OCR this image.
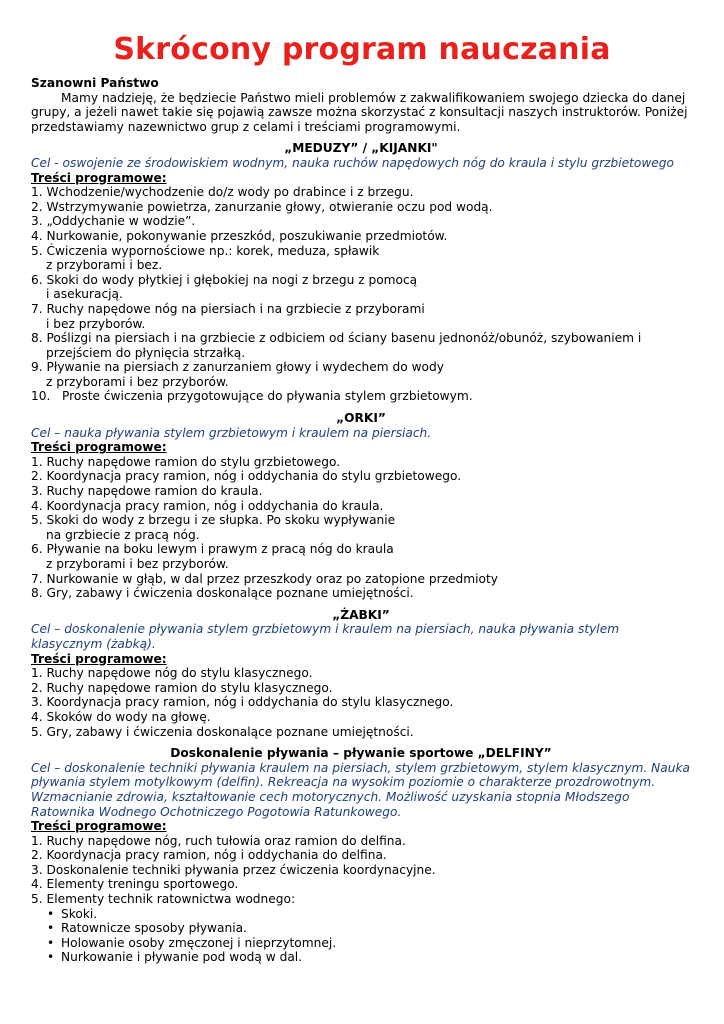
Skrócony program nauczania
Szanowni Państwo
Mamy nadzieję, że będziecie Państwo mieli problemów z zakwalifikowaniem swojego dziecka do danej grupy, a jeżeli nawet takie się pojawią zawsze można skorzystać z konsultacji naszych instruktorów. Poniżej przedstawiamy nazewnictwo grup z celami i treściami programowymi.
„MEDUZY” / „KIJANKI"
Cel - oswojenie ze środowiskiem wodnym, nauka ruchów napędowych nóg do kraula i stylu grzbietowego
Treści programowe:
1. Wchodzenie/wychodzenie do/z wody po drabince i z brzegu.
2. Wstrzymywanie powietrza, zanurzanie głowy, otwieranie oczu pod wodą.
3. „Oddychanie w wodzie”.
4. Nurkowanie, pokonywanie przeszkód, poszukiwanie przedmiotów.
5. Ćwiczenia wypornościowe np.: korek, meduza, spławik
z przyborami i bez.
6. Skoki do wody płytkiej i głębokiej na nogi z brzegu z pomocą
i asekuracją.
7. Ruchy napędowe nóg na piersiach i na grzbiecie z przyborami
i bez przyborów.
8. Poślizgi na piersiach i na grzbiecie z odbiciem od ściany basenu jednonóż/obunóż, szybowaniem i
przejściem do płynięcia strzałką.
9. Pływanie na piersiach z zanurzaniem głowy i wydechem do wody
z przyborami i bez przyborów.
10.   Proste ćwiczenia przygotowujące do pływania stylem grzbietowym.
„ORKI”
Cel – nauka pływania stylem grzbietowym i kraulem na piersiach.
Treści programowe:
1. Ruchy napędowe ramion do stylu grzbietowego.
2. Koordynacja pracy ramion, nóg i oddychania do stylu grzbietowego.
3. Ruchy napędowe ramion do kraula.
4. Koordynacja pracy ramion, nóg i oddychania do kraula.
5. Skoki do wody z brzegu i ze słupka. Po skoku wypływanie
na grzbiecie z pracą nóg.
6. Pływanie na boku lewym i prawym z pracą nóg do kraula
z przyborami i bez przyborów.
7. Nurkowanie w głąb, w dal przez przeszkody oraz po zatopione przedmioty
8. Gry, zabawy i ćwiczenia doskonalące poznane umiejętności.
„ŻABKI”
Cel – doskonalenie pływania stylem grzbietowym i kraulem na piersiach, nauka pływania stylem klasycznym (żabką).
Treści programowe:
1. Ruchy napędowe nóg do stylu klasycznego.
2. Ruchy napędowe ramion do stylu klasycznego.
3. Koordynacja pracy ramion, nóg i oddychania do stylu klasycznego.
4. Skoków do wody na głowę.
5. Gry, zabawy i ćwiczenia doskonalące poznane umiejętności.
Doskonalenie pływania – pływanie sportowe „DELFINY”
Cel – doskonalenie techniki pływania kraulem na piersiach, stylem grzbietowym, stylem klasycznym. Nauka pływania stylem motylkowym (delfin). Rekreacja na wysokim poziomie o charakterze prozdrowotnym. Wzmacnianie zdrowia, kształtowanie cech motorycznych. Możliwość uzyskania stopnia Młodszego Ratownika Wodnego Ochotniczego Pogotowia Ratunkowego.
Treści programowe:
1. Ruchy napędowe nóg, ruch tułowia oraz ramion do delfina.
2. Koordynacja pracy ramion, nóg i oddychania do delfina.
3. Doskonalenie techniki pływania przez ćwiczenia koordynacyjne.
4. Elementy treningu sportowego.
5. Elementy technik ratownictwa wodnego:
• Skoki.
• Ratownicze sposoby pływania.
• Holowanie osoby zmęczonej i nieprzytomnej.
• Nurkowanie i pływanie pod wodą w dal.
